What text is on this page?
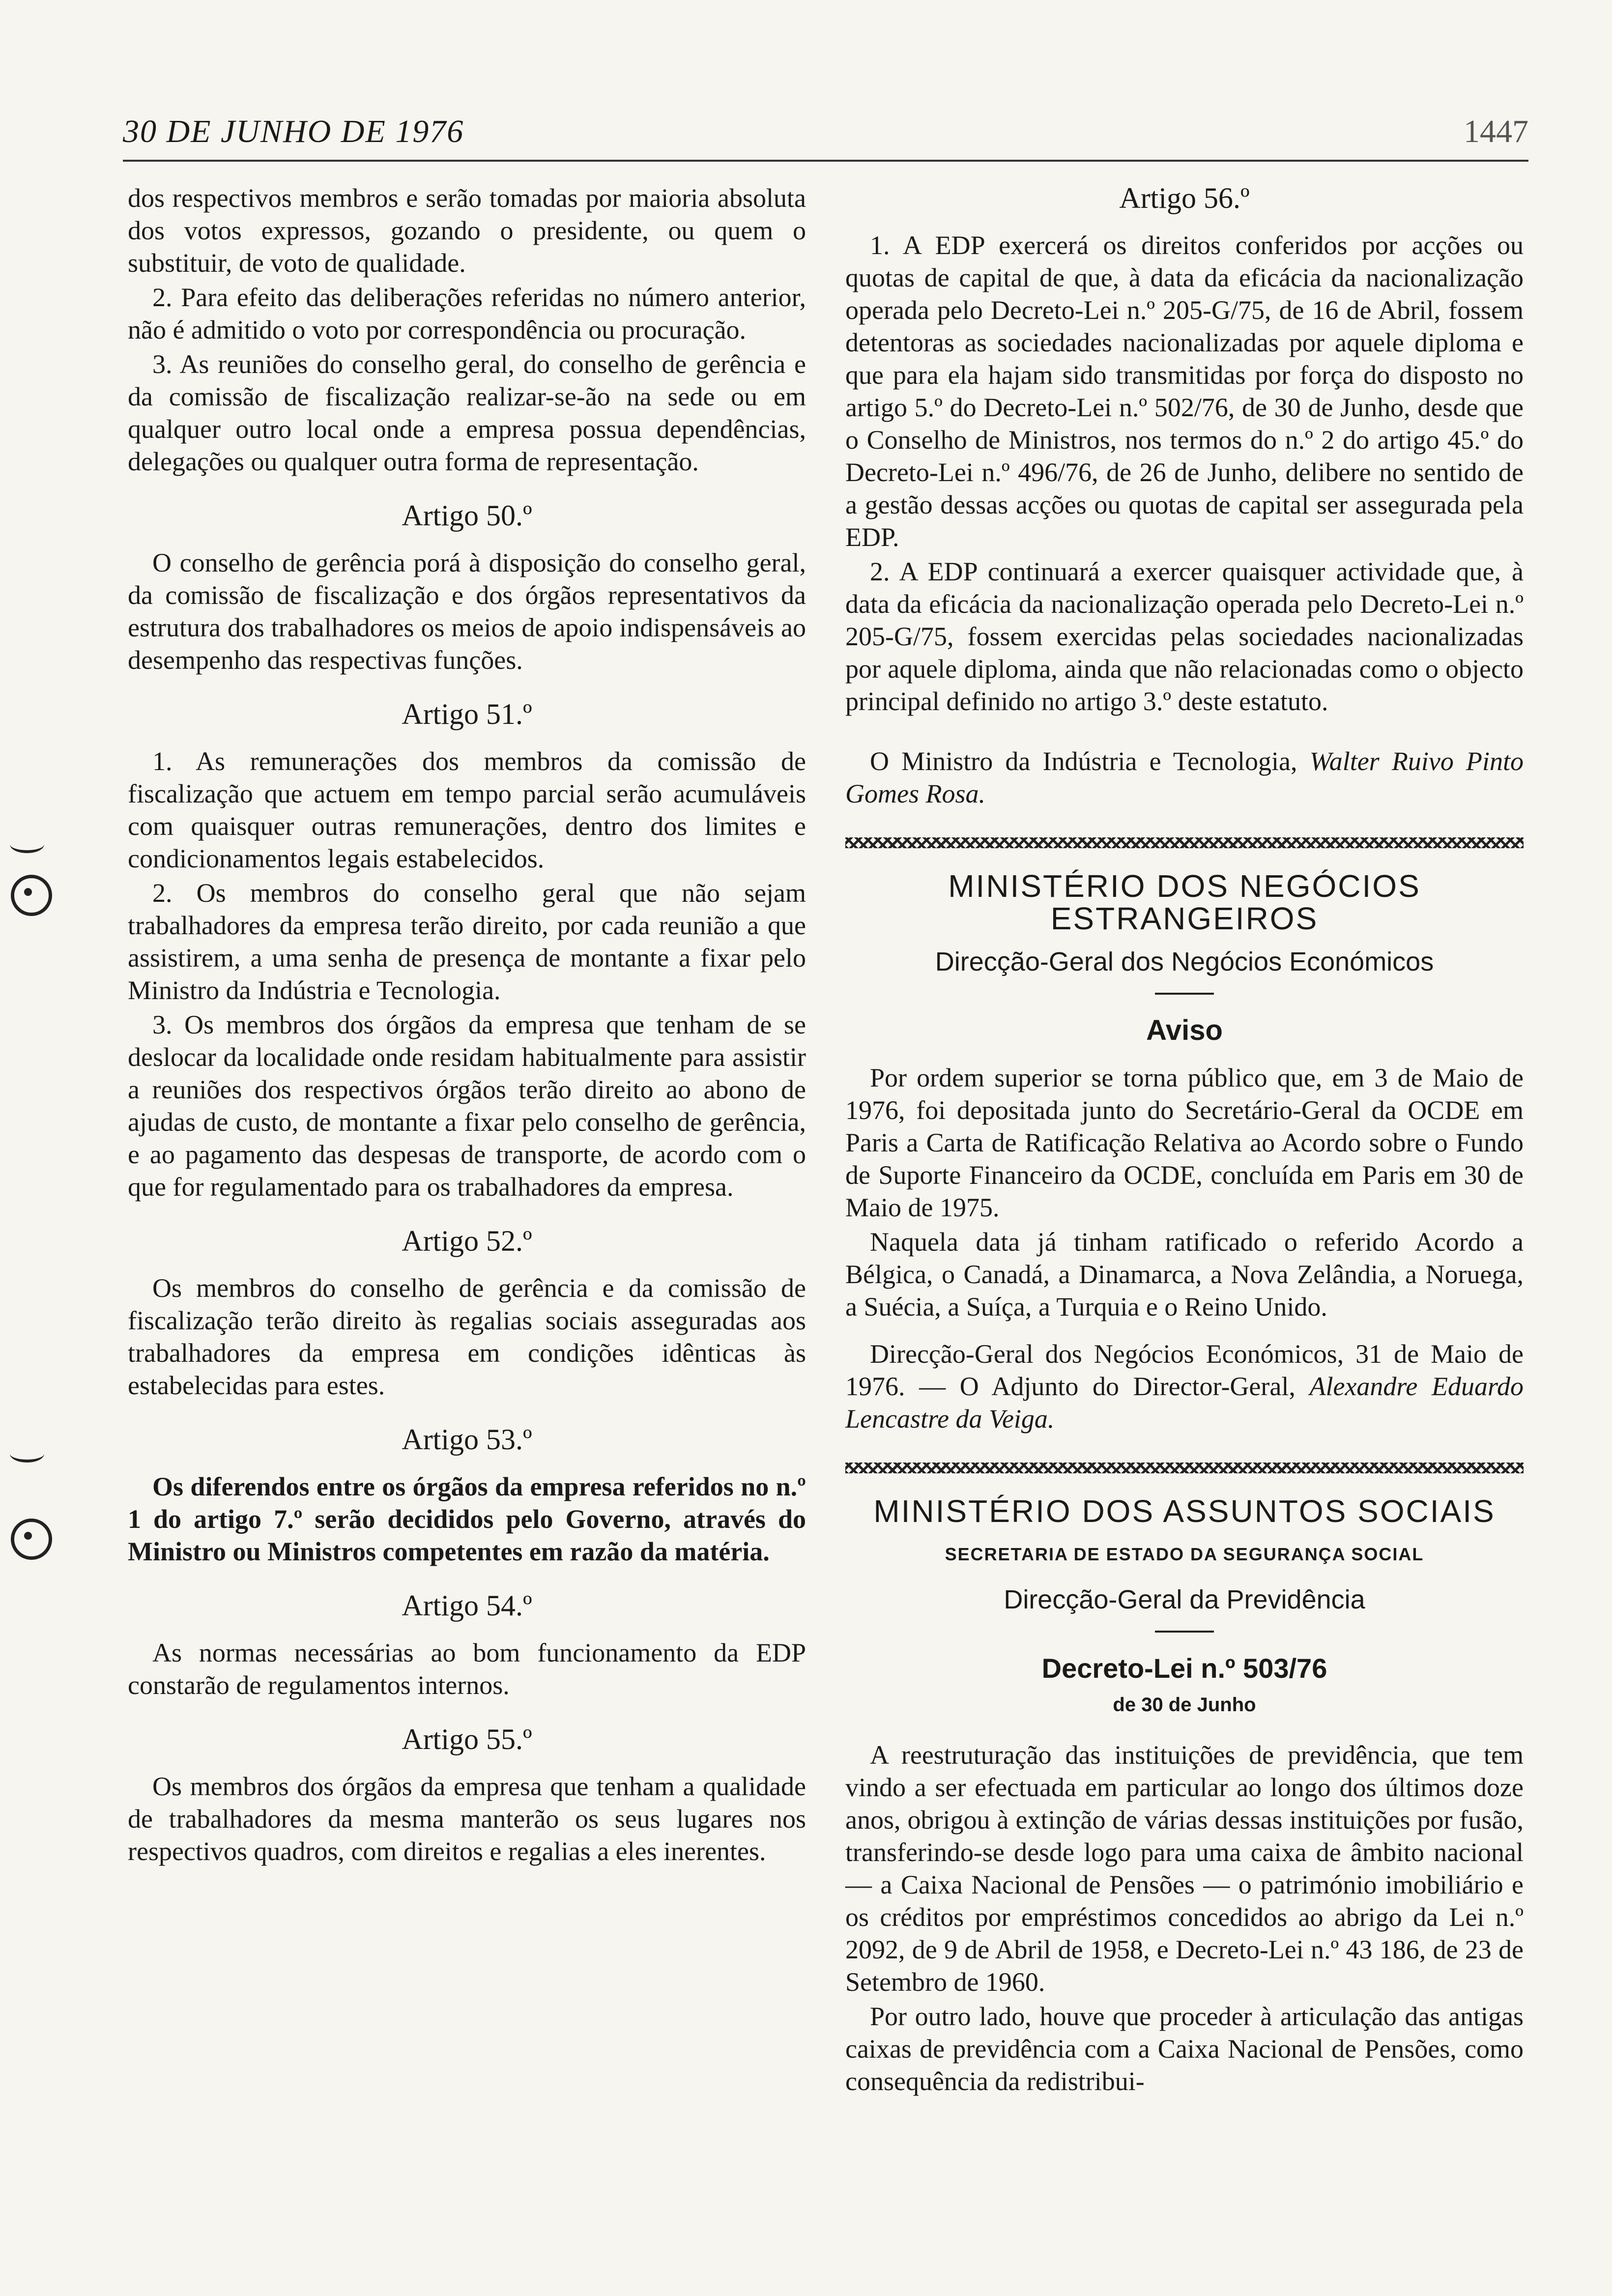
30 DE JUNHO DE 1976	1447

dos respectivos membros e serão tomadas por maioria absoluta dos votos expressos, gozando o presidente, ou quem o substituir, de voto de qualidade.

2. Para efeito das deliberações referidas no número anterior, não é admitido o voto por correspondência ou procuração.

3. As reuniões do conselho geral, do conselho de gerência e da comissão de fiscalização realizar-se-ão na sede ou em qualquer outro local onde a empresa possua dependências, delegações ou qualquer outra forma de representação.

Artigo 50.º

O conselho de gerência porá à disposição do conselho geral, da comissão de fiscalização e dos órgãos representativos da estrutura dos trabalhadores os meios de apoio indispensáveis ao desempenho das respectivas funções.

Artigo 51.º

1. As remunerações dos membros da comissão de fiscalização que actuem em tempo parcial serão acumuláveis com quaisquer outras remunerações, dentro dos limites e condicionamentos legais estabelecidos.

2. Os membros do conselho geral que não sejam trabalhadores da empresa terão direito, por cada reunião a que assistirem, a uma senha de presença de montante a fixar pelo Ministro da Indústria e Tecnologia.

3. Os membros dos órgãos da empresa que tenham de se deslocar da localidade onde residam habitualmente para assistir a reuniões dos respectivos órgãos terão direito ao abono de ajudas de custo, de montante a fixar pelo conselho de gerência, e ao pagamento das despesas de transporte, de acordo com o que for regulamentado para os trabalhadores da empresa.

Artigo 52.º

Os membros do conselho de gerência e da comissão de fiscalização terão direito às regalias sociais asseguradas aos trabalhadores da empresa em condições idênticas às estabelecidas para estes.

Artigo 53.º

Os diferendos entre os órgãos da empresa referidos no n.º 1 do artigo 7.º serão decididos pelo Governo, através do Ministro ou Ministros competentes em razão da matéria.

Artigo 54.º

As normas necessárias ao bom funcionamento da EDP constarão de regulamentos internos.

Artigo 55.º

Os membros dos órgãos da empresa que tenham a qualidade de trabalhadores da mesma manterão os seus lugares nos respectivos quadros, com direitos e regalias a eles inerentes.

Artigo 56.º

1. A EDP exercerá os direitos conferidos por acções ou quotas de capital de que, à data da eficácia da nacionalização operada pelo Decreto-Lei n.º 205-G/75, de 16 de Abril, fossem detentoras as sociedades nacionalizadas por aquele diploma e que para ela hajam sido transmitidas por força do disposto no artigo 5.º do Decreto-Lei n.º 502/76, de 30 de Junho, desde que o Conselho de Ministros, nos termos do n.º 2 do artigo 45.º do Decreto-Lei n.º 496/76, de 26 de Junho, delibere no sentido de a gestão dessas acções ou quotas de capital ser assegurada pela EDP.

2. A EDP continuará a exercer quaisquer actividade que, à data da eficácia da nacionalização operada pelo Decreto-Lei n.º 205-G/75, fossem exercidas pelas sociedades nacionalizadas por aquele diploma, ainda que não relacionadas como o objecto principal definido no artigo 3.º deste estatuto.

O Ministro da Indústria e Tecnologia, Walter Ruivo Pinto Gomes Rosa.

MINISTÉRIO DOS NEGÓCIOS ESTRANGEIROS
Direcção-Geral dos Negócios Económicos
Aviso

Por ordem superior se torna público que, em 3 de Maio de 1976, foi depositada junto do Secretário-Geral da OCDE em Paris a Carta de Ratificação Relativa ao Acordo sobre o Fundo de Suporte Financeiro da OCDE, concluída em Paris em 30 de Maio de 1975.

Naquela data já tinham ratificado o referido Acordo a Bélgica, o Canadá, a Dinamarca, a Nova Zelândia, a Noruega, a Suécia, a Suíça, a Turquia e o Reino Unido.

Direcção-Geral dos Negócios Económicos, 31 de Maio de 1976. — O Adjunto do Director-Geral, Alexandre Eduardo Lencastre da Veiga.

MINISTÉRIO DOS ASSUNTOS SOCIAIS
SECRETARIA DE ESTADO DA SEGURANÇA SOCIAL
Direcção-Geral da Previdência
Decreto-Lei n.º 503/76
de 30 de Junho

A reestruturação das instituições de previdência, que tem vindo a ser efectuada em particular ao longo dos últimos doze anos, obrigou à extinção de várias dessas instituições por fusão, transferindo-se desde logo para uma caixa de âmbito nacional — a Caixa Nacional de Pensões — o património imobiliário e os créditos por empréstimos concedidos ao abrigo da Lei n.º 2092, de 9 de Abril de 1958, e Decreto-Lei n.º 43 186, de 23 de Setembro de 1960.

Por outro lado, houve que proceder à articulação das antigas caixas de previdência com a Caixa Nacional de Pensões, como consequência da redistribui-
